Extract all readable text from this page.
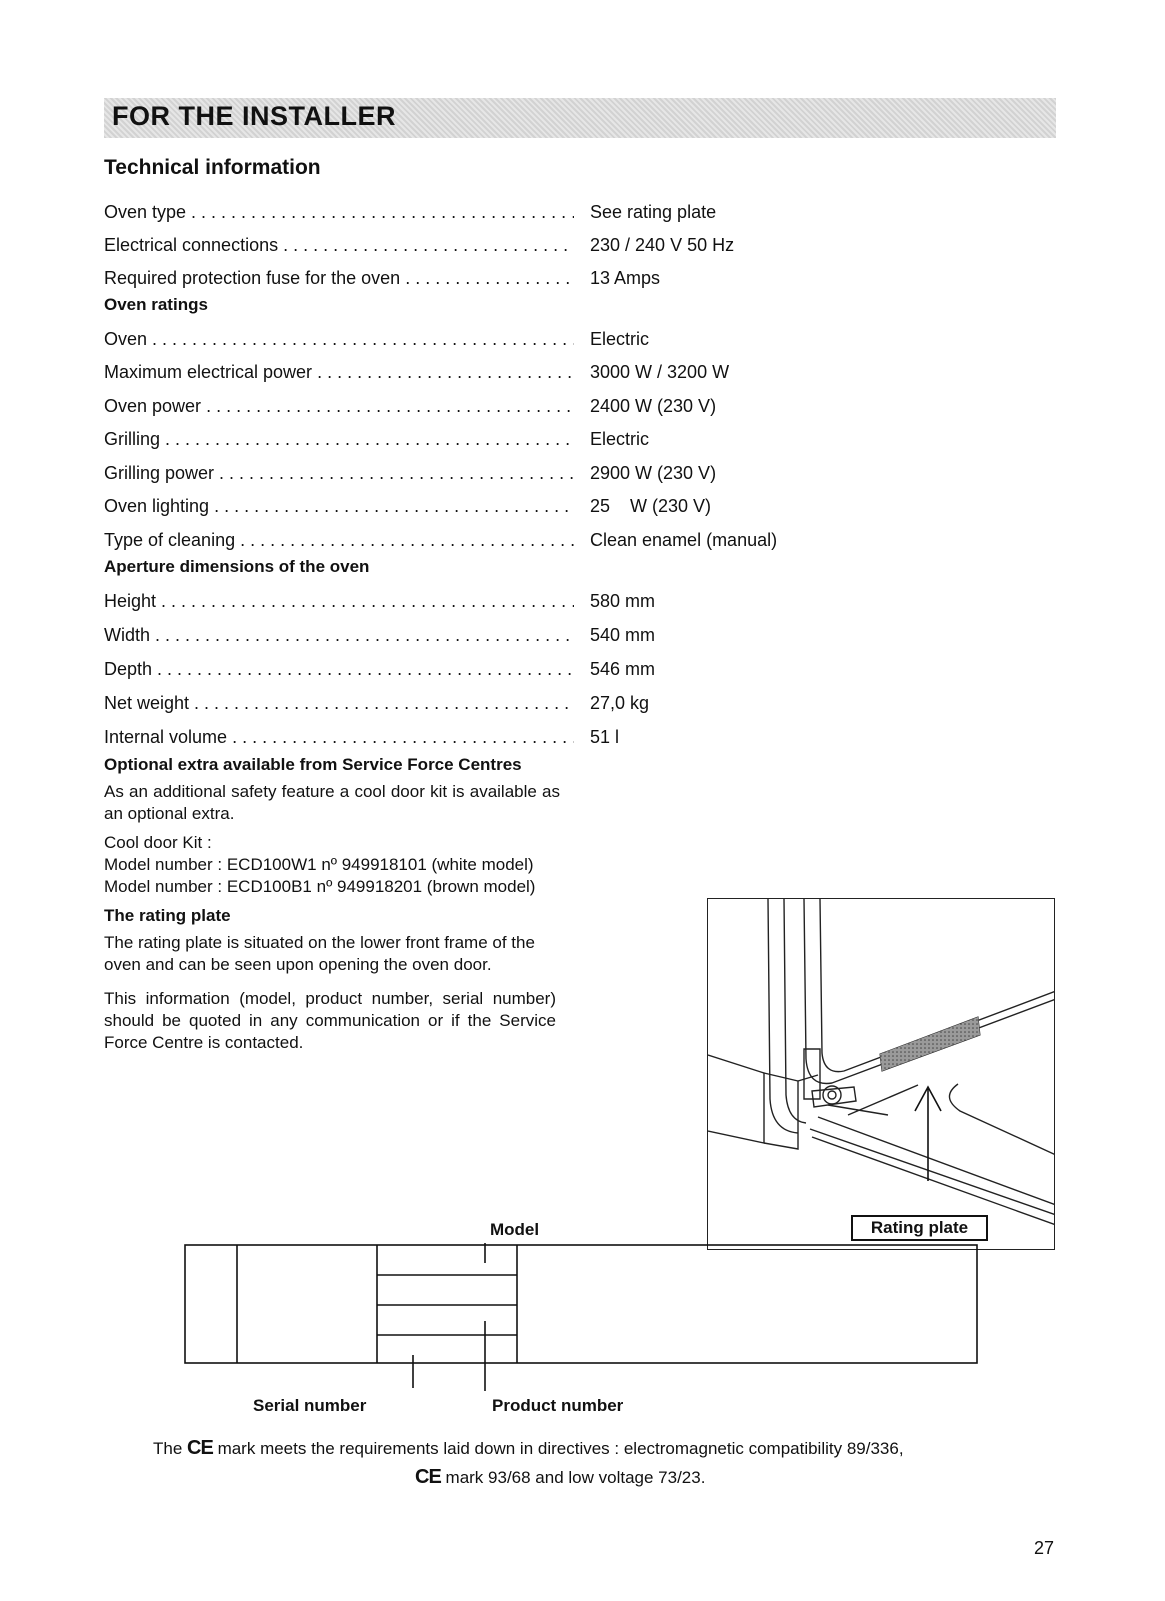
FOR THE INSTALLER
Technical information
Oven type . . .	See rating plate
Electrical connections . . .	230 / 240 V 50 Hz
Required protection fuse for the oven . . .	13 Amps
Oven ratings
Oven . . .	Electric
Maximum electrical power . . .	3000 W / 3200 W
Oven power . . .	2400 W (230 V)
Grilling . . .	Electric
Grilling power . . .	2900 W (230 V)
Oven lighting . . .	25    W (230 V)
Type of cleaning . . .	Clean enamel (manual)
Aperture dimensions of the oven
Height . . .	580 mm
Width . . .	540 mm
Depth . . .	546 mm
Net weight . . .	27,0 kg
Internal volume . . .	51 l
Optional extra available from Service Force Centres
As an additional safety feature a cool door kit is available as an optional extra.
Cool door Kit :
Model number : ECD100W1 nº 949918101 (white model)
Model number : ECD100B1 nº 949918201 (brown model)
The rating plate
The rating plate is situated on the lower front frame of the oven and can be seen upon opening the oven door.
This information (model, product number, serial number) should be quoted in any communication or if the Service Force Centre is contacted.
Rating plate
Model
Serial number	Product number
The CE mark meets the requirements laid down in directives : electromagnetic compatibility 89/336,
CE mark 93/68 and low voltage 73/23.
27
